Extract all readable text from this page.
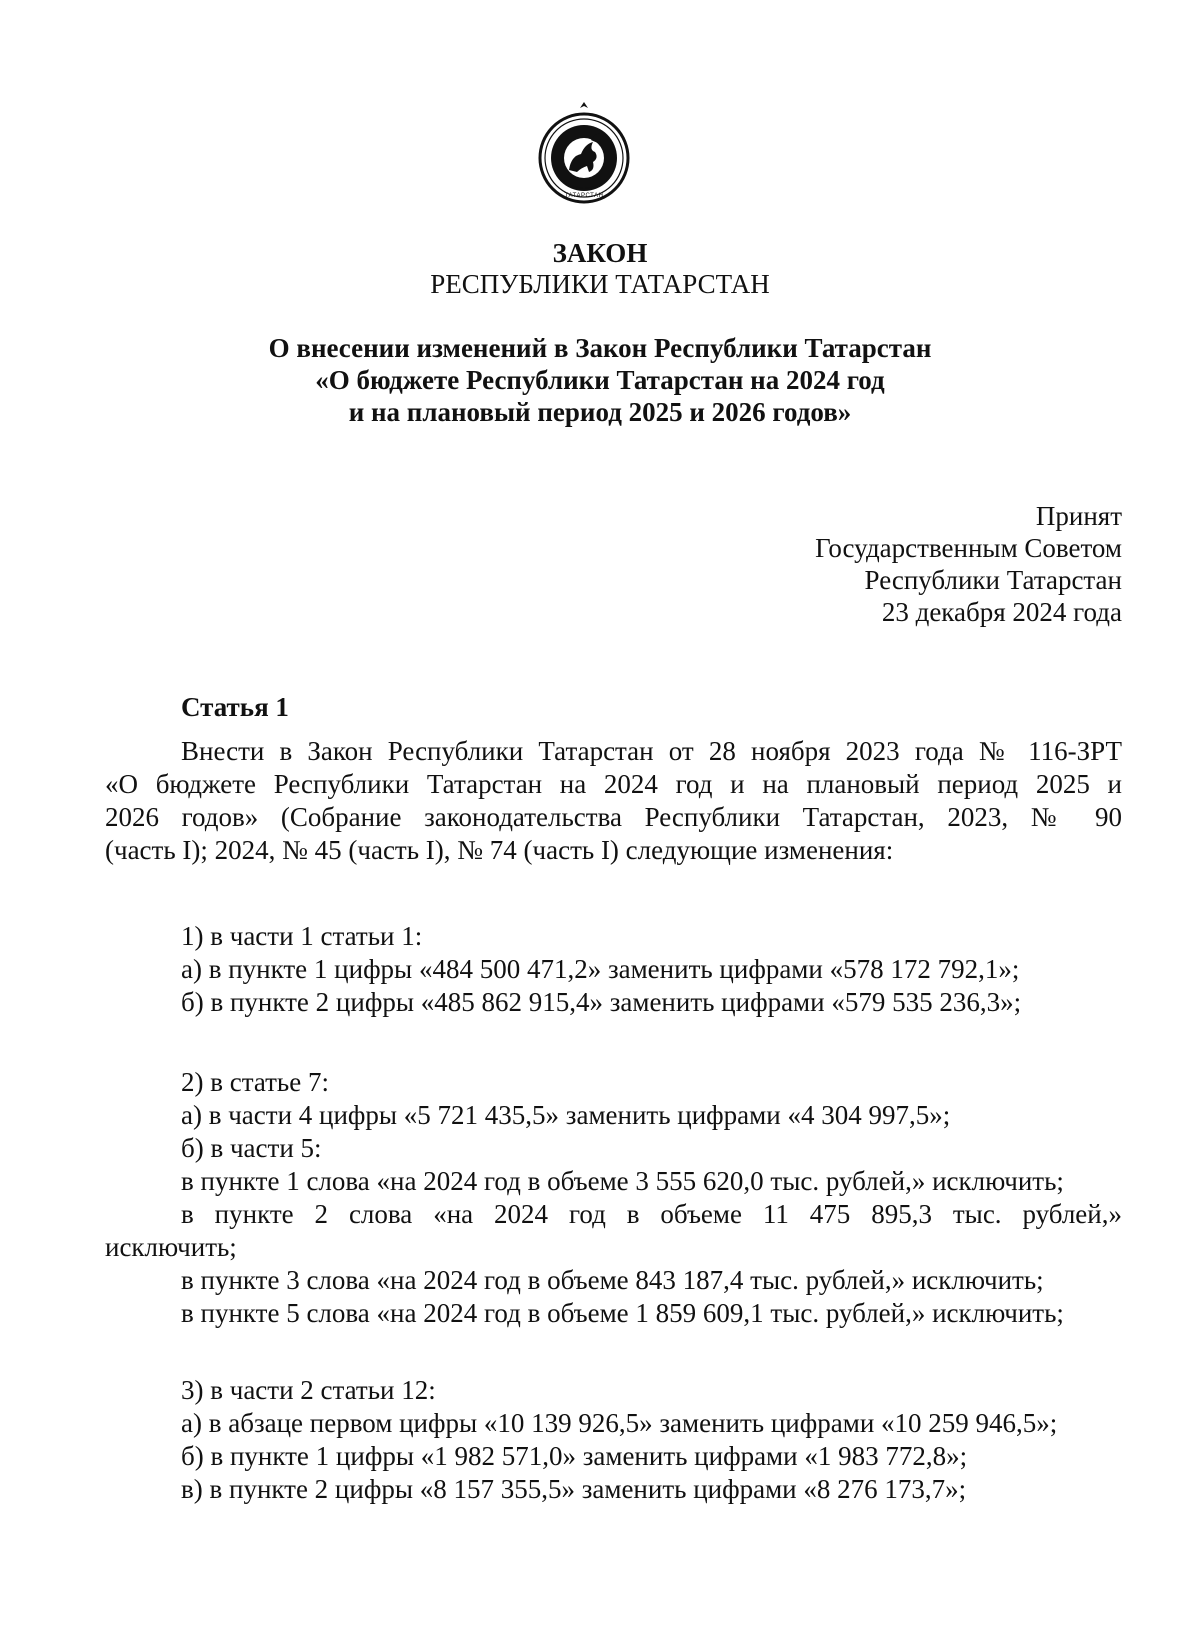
ТАТАРСТАН
ЗАКОН
РЕСПУБЛИКИ ТАТАРСТАН
О внесении изменений в Закон Республики Татарстан
«О бюджете Республики Татарстан на 2024 год
и на плановый период 2025 и 2026 годов»
Принят
Государственным Советом
Республики Татарстан
23 декабря 2024 года
Статья 1
Внести в Закон Республики Татарстан от 28 ноября 2023 года № 116-ЗРТ
«О бюджете Республики Татарстан на 2024 год и на плановый период 2025 и
2026 годов» (Собрание законодательства Республики Татарстан, 2023, № 90
(часть I); 2024, № 45 (часть I), № 74 (часть I) следующие изменения:
1) в части 1 статьи 1:
а) в пункте 1 цифры «484 500 471,2» заменить цифрами «578 172 792,1»;
б) в пункте 2 цифры «485 862 915,4» заменить цифрами «579 535 236,3»;
2) в статье 7:
а) в части 4 цифры «5 721 435,5» заменить цифрами «4 304 997,5»;
б) в части 5:
в пункте 1 слова «на 2024 год в объеме 3 555 620,0 тыс. рублей,» исключить;
в пункте 2 слова «на 2024 год в объеме 11 475 895,3 тыс. рублей,»
исключить;
в пункте 3 слова «на 2024 год в объеме 843 187,4 тыс. рублей,» исключить;
в пункте 5 слова «на 2024 год в объеме 1 859 609,1 тыс. рублей,» исключить;
3) в части 2 статьи 12:
а) в абзаце первом цифры «10 139 926,5» заменить цифрами «10 259 946,5»;
б) в пункте 1 цифры «1 982 571,0» заменить цифрами «1 983 772,8»;
в) в пункте 2 цифры «8 157 355,5» заменить цифрами «8 276 173,7»;
